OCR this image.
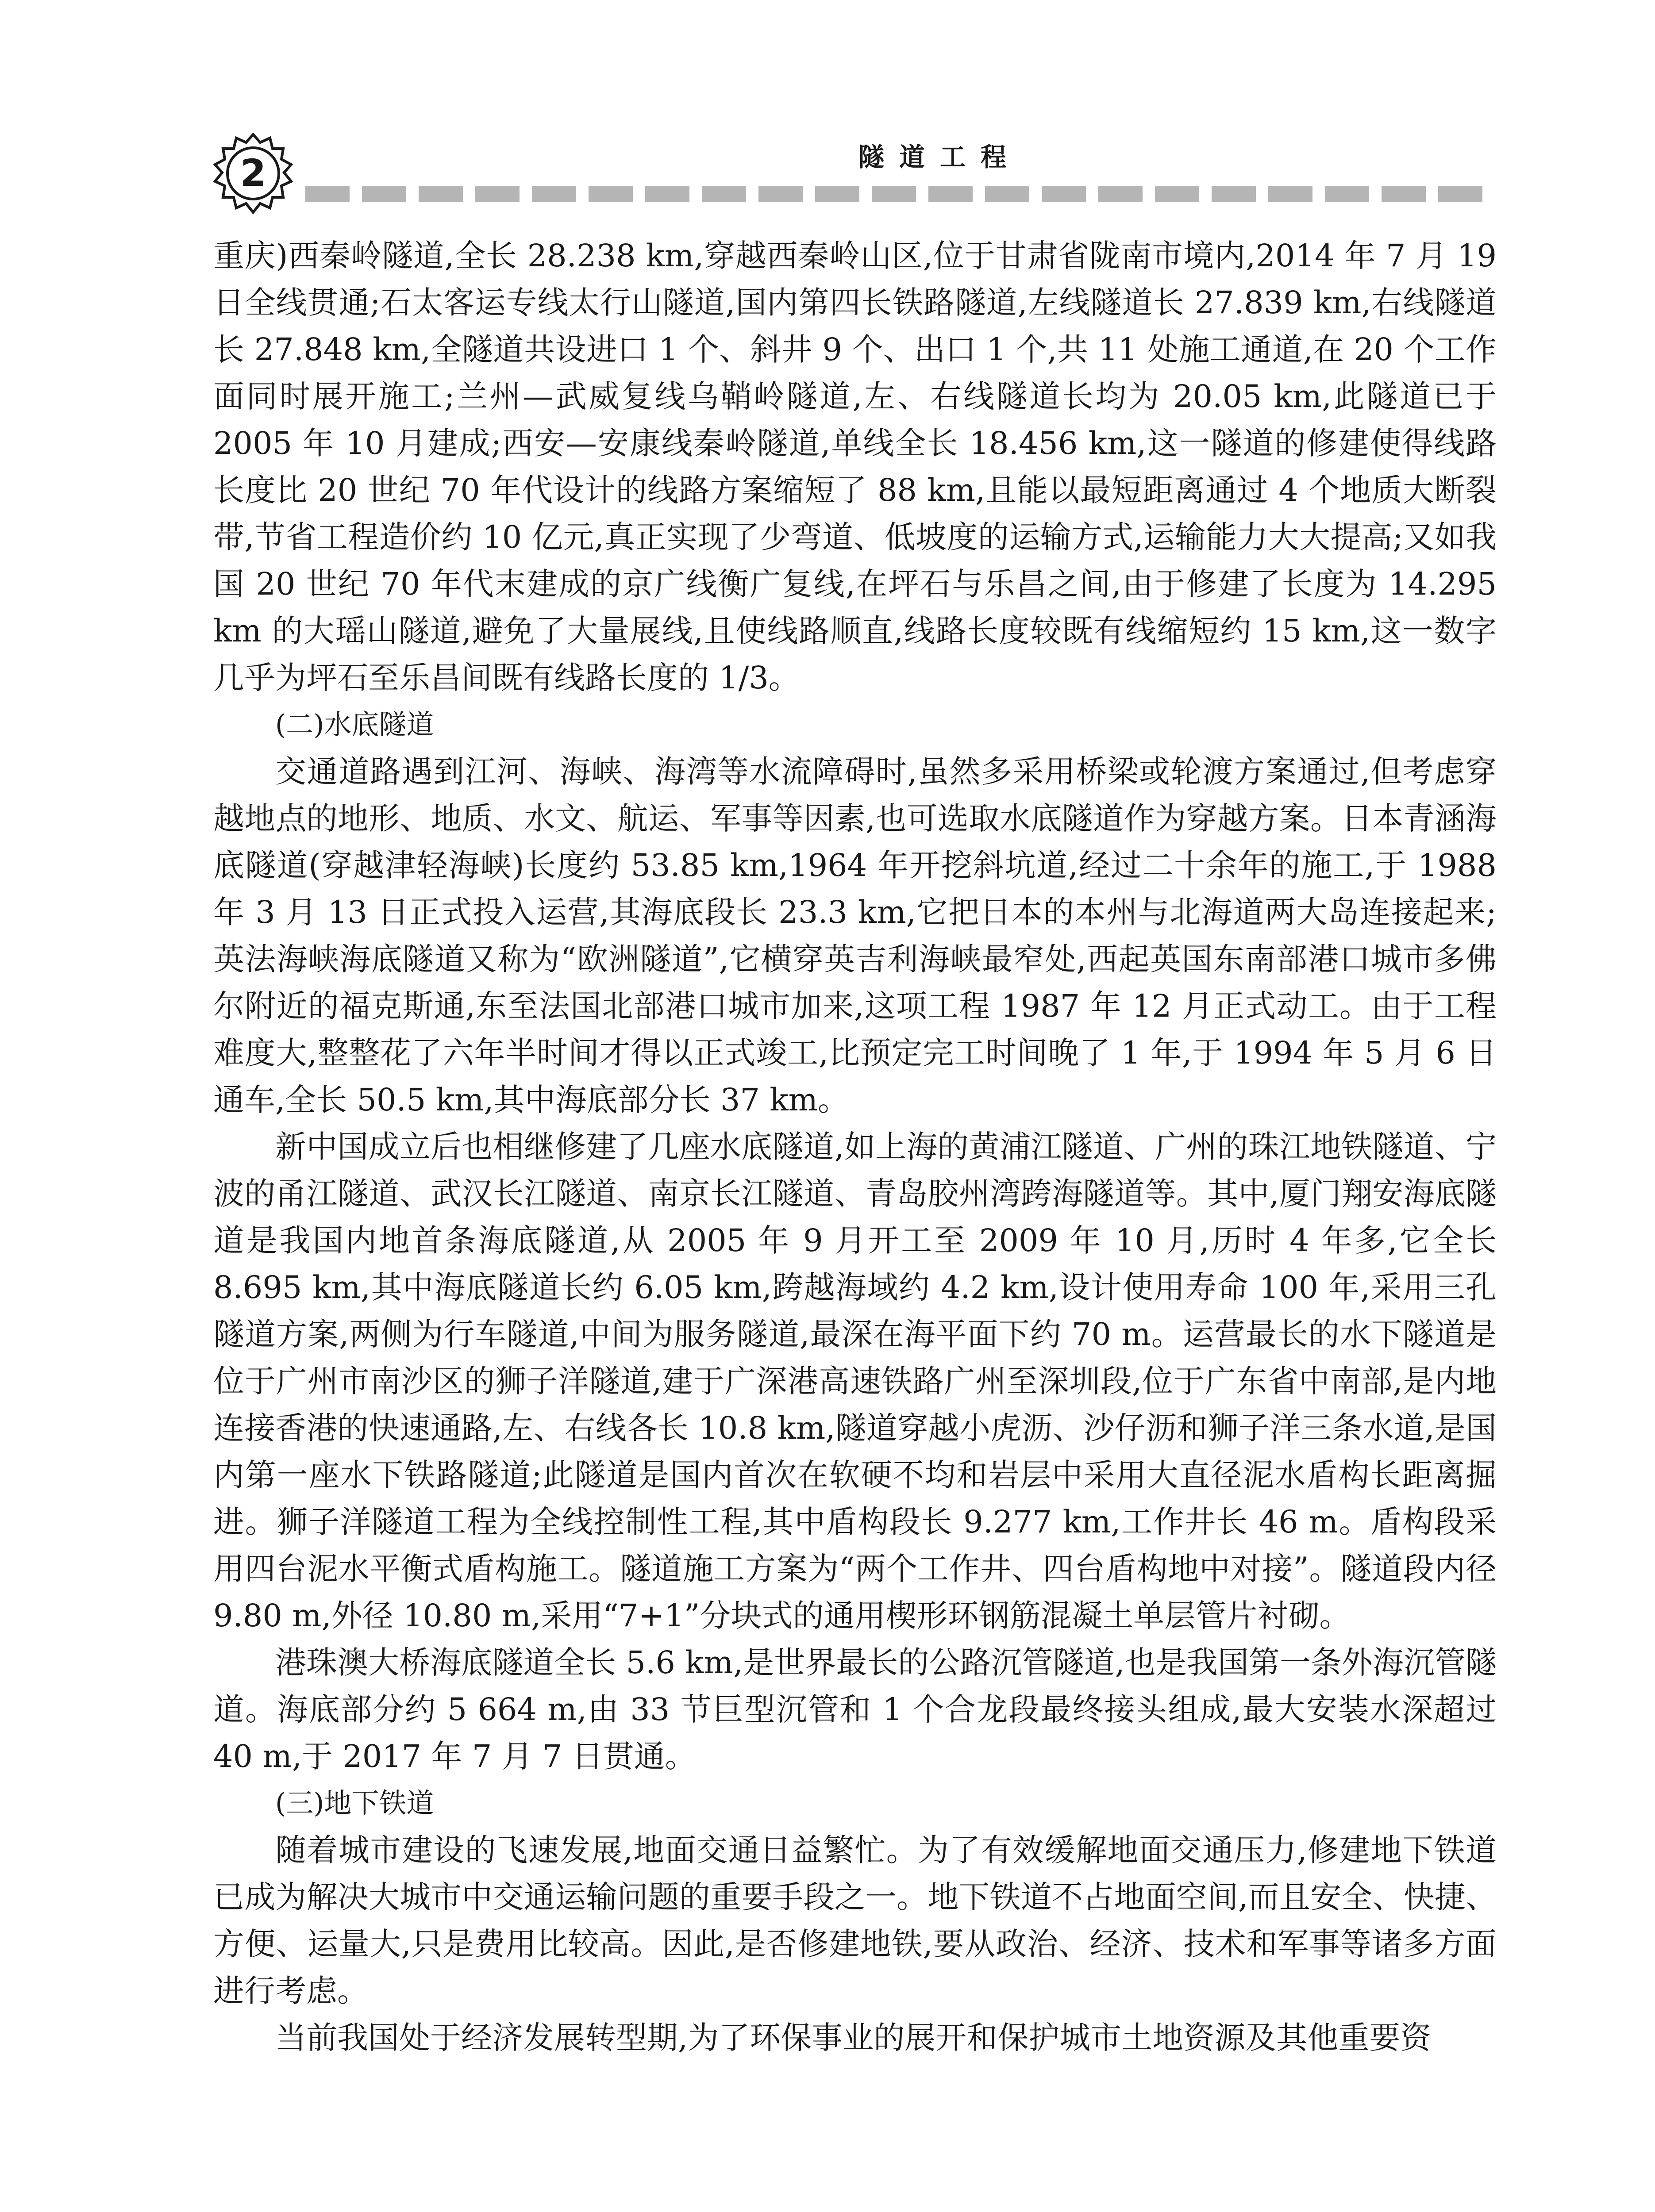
2	隧道工程

重庆)西秦岭隧道,全长 28.238 km,穿越西秦岭山区,位于甘肃省陇南市境内,2014 年 7 月 19 日全线贯通;石太客运专线太行山隧道,国内第四长铁路隧道,左线隧道长 27.839 km,右线隧道长 27.848 km,全隧道共设进口 1 个、斜井 9 个、出口 1 个,共 11 处施工通道,在 20 个工作面同时展开施工;兰州—武威复线乌鞘岭隧道,左、右线隧道长均为 20.05 km,此隧道已于 2005 年 10 月建成;西安—安康线秦岭隧道,单线全长 18.456 km,这一隧道的修建使得线路长度比 20 世纪 70 年代设计的线路方案缩短了 88 km,且能以最短距离通过 4 个地质大断裂带,节省工程造价约 10 亿元,真正实现了少弯道、低坡度的运输方式,运输能力大大提高;又如我国 20 世纪 70 年代末建成的京广线衡广复线,在坪石与乐昌之间,由于修建了长度为 14.295 km 的大瑶山隧道,避免了大量展线,且使线路顺直,线路长度较既有线缩短约 15 km,这一数字几乎为坪石至乐昌间既有线路长度的 1/3。

(二)水底隧道

交通道路遇到江河、海峡、海湾等水流障碍时,虽然多采用桥梁或轮渡方案通过,但考虑穿越地点的地形、地质、水文、航运、军事等因素,也可选取水底隧道作为穿越方案。日本青涵海底隧道(穿越津轻海峡)长度约 53.85 km,1964 年开挖斜坑道,经过二十余年的施工,于 1988 年 3 月 13 日正式投入运营,其海底段长 23.3 km,它把日本的本州与北海道两大岛连接起来;英法海峡海底隧道又称为“欧洲隧道”,它横穿英吉利海峡最窄处,西起英国东南部港口城市多佛尔附近的福克斯通,东至法国北部港口城市加来,这项工程 1987 年 12 月正式动工。由于工程难度大,整整花了六年半时间才得以正式竣工,比预定完工时间晚了 1 年,于 1994 年 5 月 6 日通车,全长 50.5 km,其中海底部分长 37 km。

新中国成立后也相继修建了几座水底隧道,如上海的黄浦江隧道、广州的珠江地铁隧道、宁波的甬江隧道、武汉长江隧道、南京长江隧道、青岛胶州湾跨海隧道等。其中,厦门翔安海底隧道是我国内地首条海底隧道,从 2005 年 9 月开工至 2009 年 10 月,历时 4 年多,它全长 8.695 km,其中海底隧道长约 6.05 km,跨越海域约 4.2 km,设计使用寿命 100 年,采用三孔隧道方案,两侧为行车隧道,中间为服务隧道,最深在海平面下约 70 m。运营最长的水下隧道是位于广州市南沙区的狮子洋隧道,建于广深港高速铁路广州至深圳段,位于广东省中南部,是内地连接香港的快速通路,左、右线各长 10.8 km,隧道穿越小虎沥、沙仔沥和狮子洋三条水道,是国内第一座水下铁路隧道;此隧道是国内首次在软硬不均和岩层中采用大直径泥水盾构长距离掘进。狮子洋隧道工程为全线控制性工程,其中盾构段长 9.277 km,工作井长 46 m。盾构段采用四台泥水平衡式盾构施工。隧道施工方案为“两个工作井、四台盾构地中对接”。隧道段内径 9.80 m,外径 10.80 m,采用“7+1”分块式的通用楔形环钢筋混凝土单层管片衬砌。

港珠澳大桥海底隧道全长 5.6 km,是世界最长的公路沉管隧道,也是我国第一条外海沉管隧道。海底部分约 5 664 m,由 33 节巨型沉管和 1 个合龙段最终接头组成,最大安装水深超过 40 m,于 2017 年 7 月 7 日贯通。

(三)地下铁道

随着城市建设的飞速发展,地面交通日益繁忙。为了有效缓解地面交通压力,修建地下铁道已成为解决大城市中交通运输问题的重要手段之一。地下铁道不占地面空间,而且安全、快捷、方便、运量大,只是费用比较高。因此,是否修建地铁,要从政治、经济、技术和军事等诸多方面进行考虑。

当前我国处于经济发展转型期,为了环保事业的展开和保护城市土地资源及其他重要资
